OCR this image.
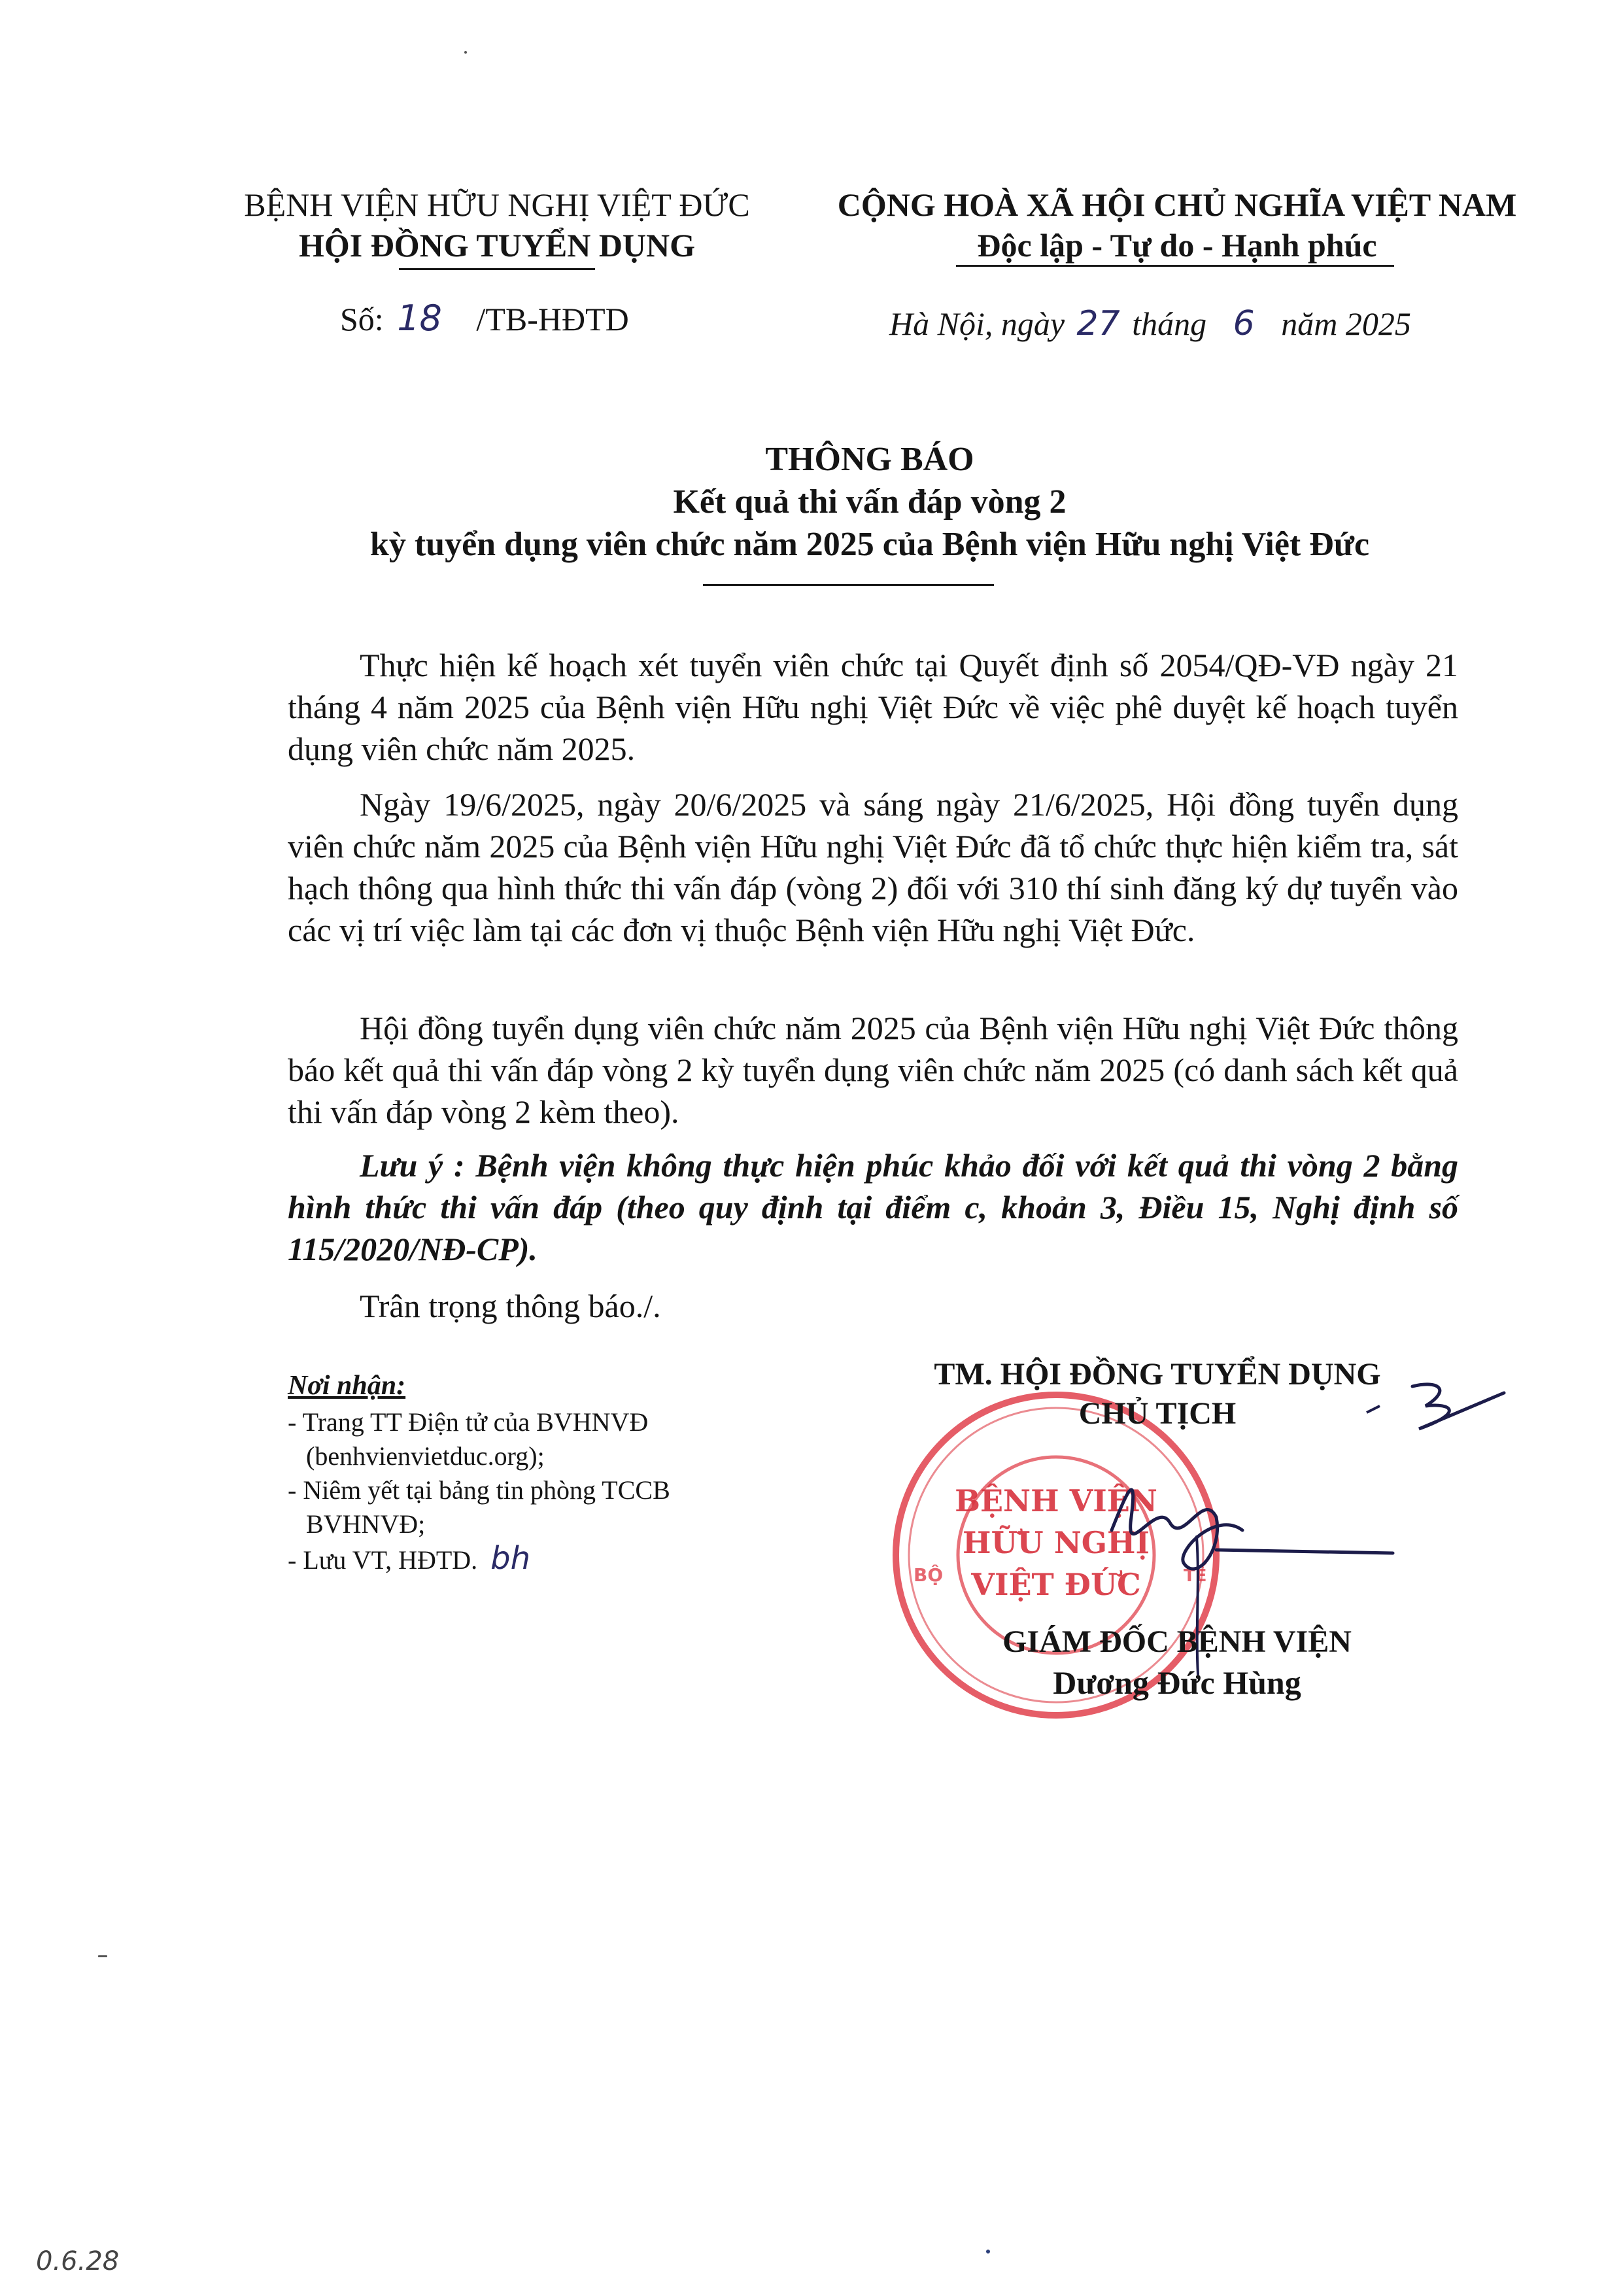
BỆNH VIỆN HỮU NGHỊ VIỆT ĐỨC
HỘI ĐỒNG TUYỂN DỤNG
CỘNG HOÀ XÃ HỘI CHỦ NGHĨA VIỆT NAM
Độc lập - Tự do - Hạnh phúc
Số: 18 /TB-HĐTD	Hà Nội, ngày 27 tháng 6 năm 2025
THÔNG BÁO
Kết quả thi vấn đáp vòng 2
kỳ tuyển dụng viên chức năm 2025 của Bệnh viện Hữu nghị Việt Đức
Thực hiện kế hoạch xét tuyển viên chức tại Quyết định số 2054/QĐ-VĐ ngày 21 tháng 4 năm 2025 của Bệnh viện Hữu nghị Việt Đức về việc phê duyệt kế hoạch tuyển dụng viên chức năm 2025.
Ngày 19/6/2025, ngày 20/6/2025 và sáng ngày 21/6/2025, Hội đồng tuyển dụng viên chức năm 2025 của Bệnh viện Hữu nghị Việt Đức đã tổ chức thực hiện kiểm tra, sát hạch thông qua hình thức thi vấn đáp (vòng 2) đối với 310 thí sinh đăng ký dự tuyển vào các vị trí việc làm tại các đơn vị thuộc Bệnh viện Hữu nghị Việt Đức.
Hội đồng tuyển dụng viên chức năm 2025 của Bệnh viện Hữu nghị Việt Đức thông báo kết quả thi vấn đáp vòng 2 kỳ tuyển dụng viên chức năm 2025 (có danh sách kết quả thi vấn đáp vòng 2 kèm theo).
Lưu ý : Bệnh viện không thực hiện phúc khảo đối với kết quả thi vòng 2 bằng hình thức thi vấn đáp (theo quy định tại điểm c, khoản 3, Điều 15, Nghị định số 115/2020/NĐ-CP).
Trân trọng thông báo./.
Nơi nhận:
- Trang TT Điện tử của BVHNVĐ
(benhvienvietduc.org);
- Niêm yết tại bảng tin phòng TCCB
BVHNVĐ;
- Lưu VT, HĐTD. bh	BỘ	TẾ
BỆNH VIỆN
HỮU NGHỊ
VIỆT ĐỨC
TM. HỘI ĐỒNG TUYỂN DỤNG
CHỦ TỊCH
GIÁM ĐỐC BỆNH VIỆN
Dương Đức Hùng
0.6.28
